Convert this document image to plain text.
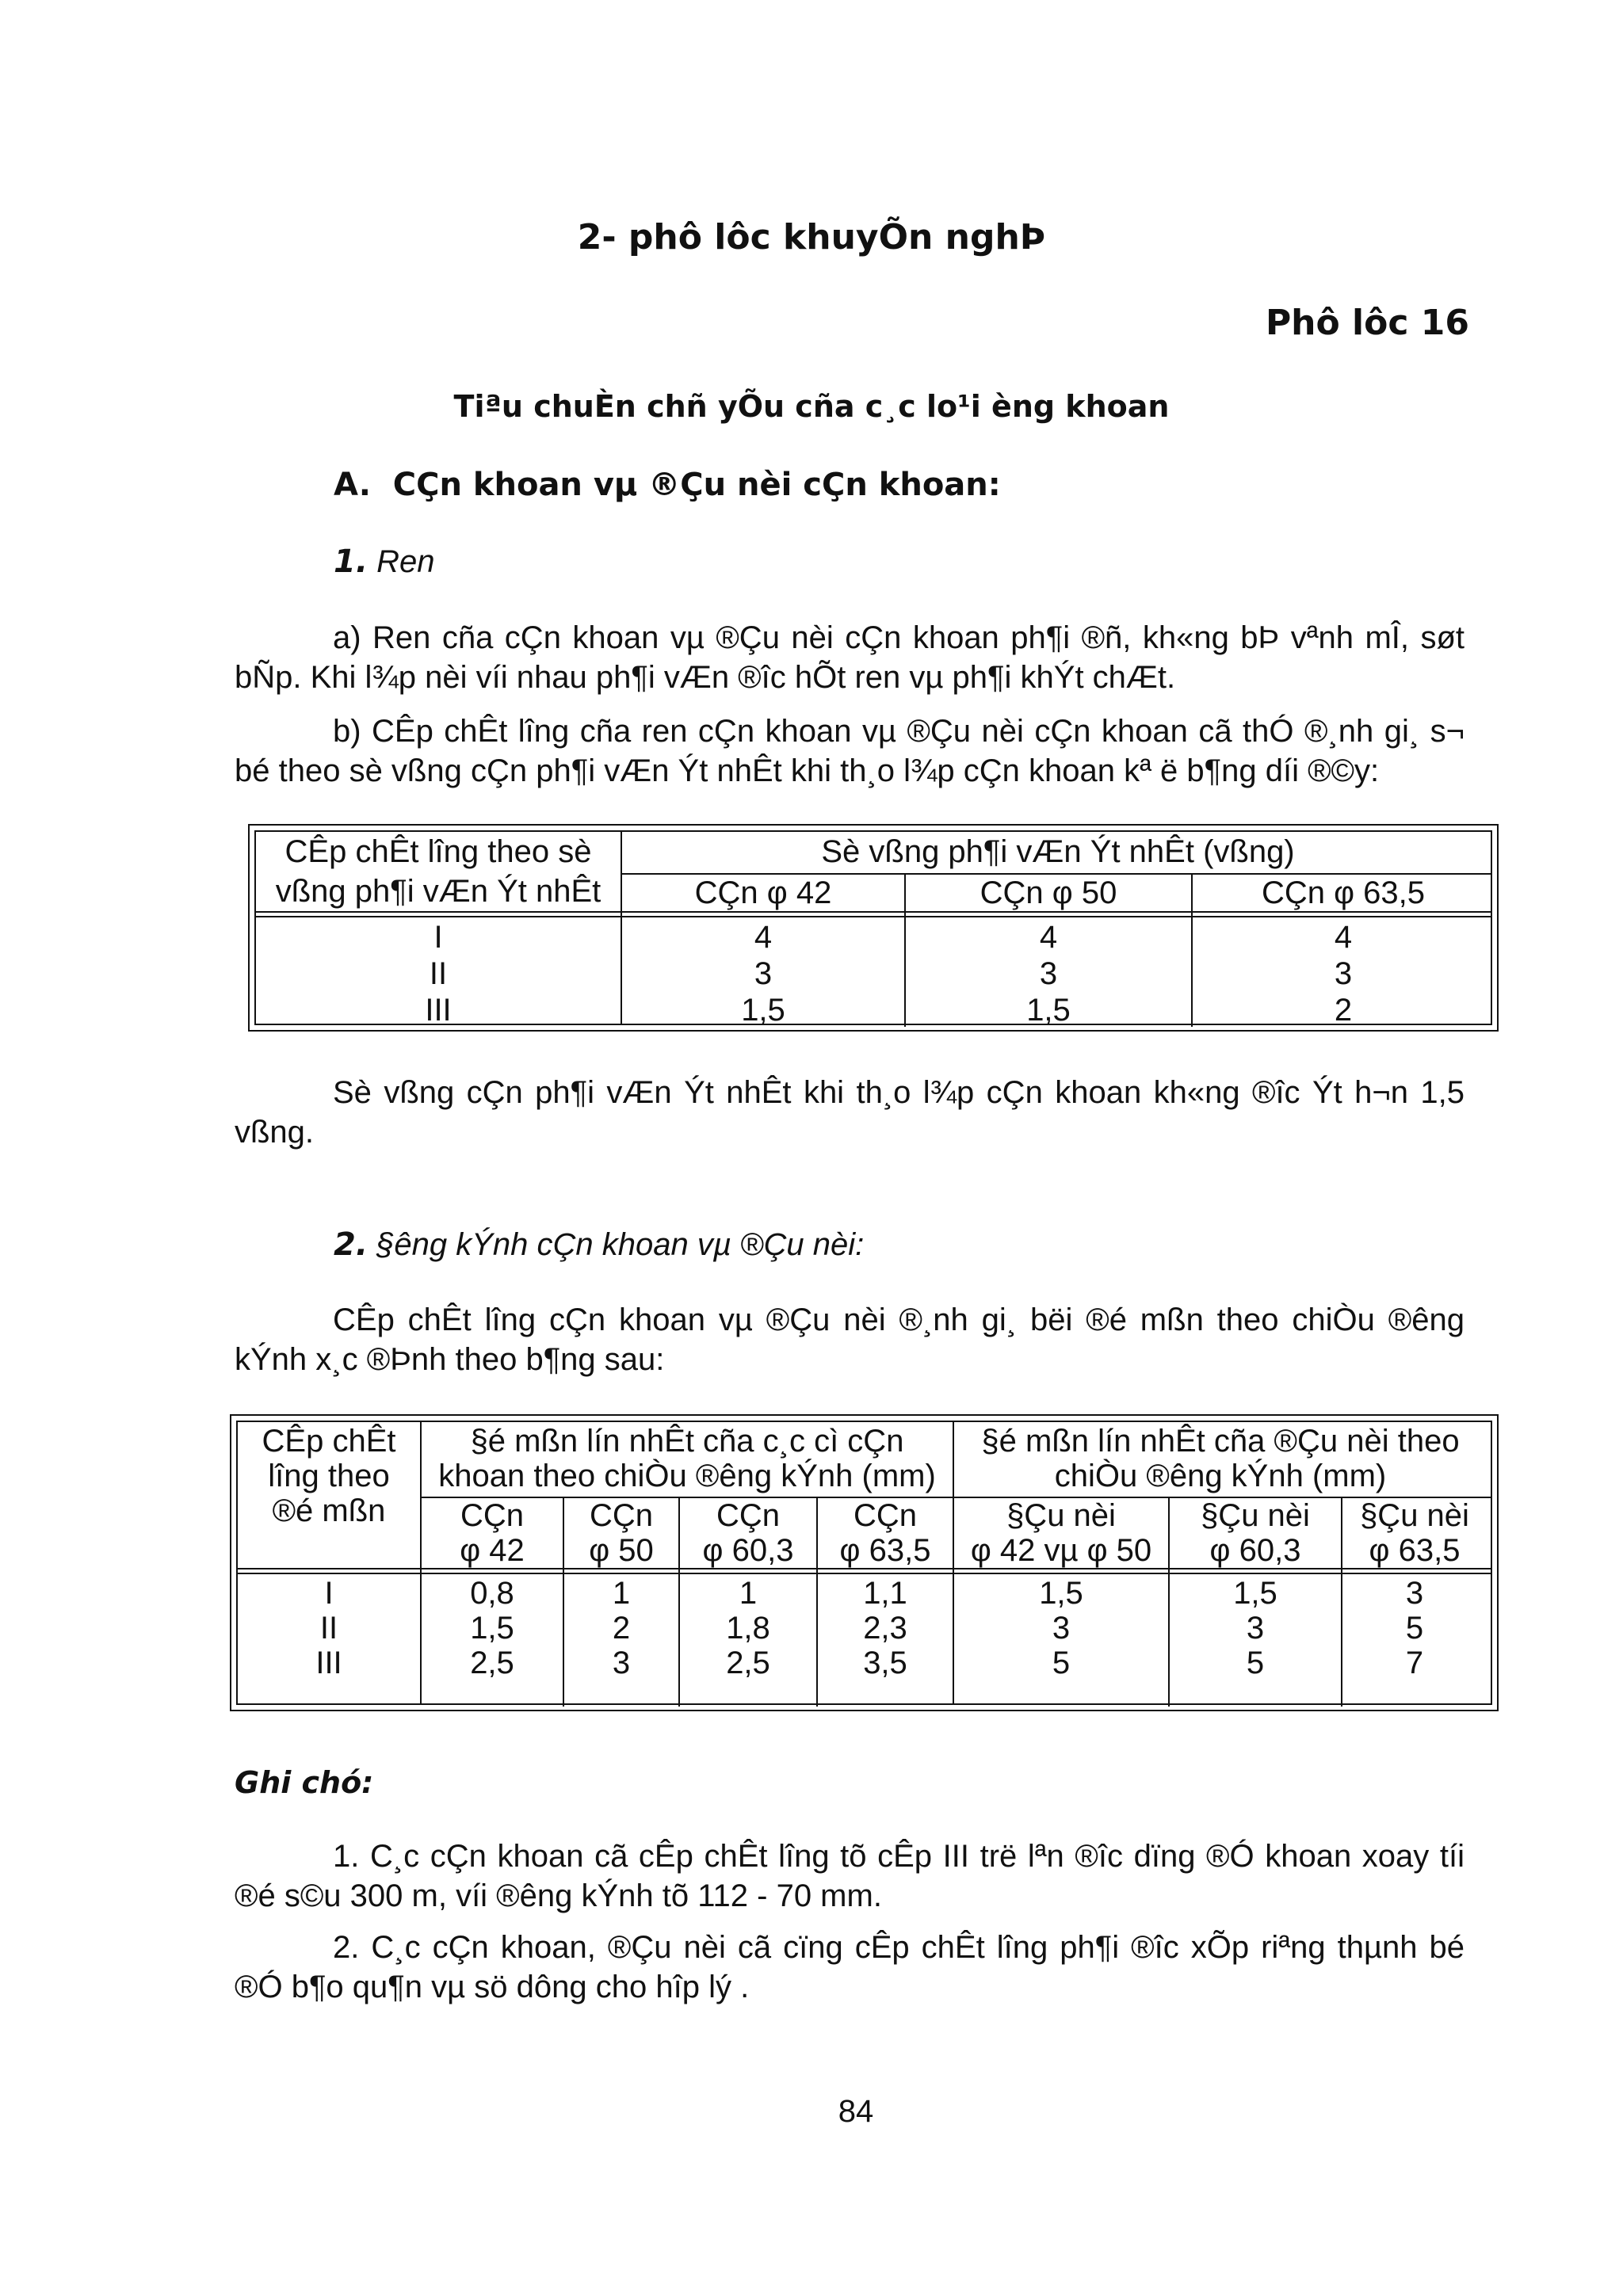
2- phô lôc khuyÕn nghÞ
Phô lôc 16
Tiªu chuÈn chñ yÕu cña c¸c lo¹i èng khoan
A. CÇn khoan vµ ®Çu nèi cÇn khoan:
1. Ren
a) Ren cña cÇn khoan vµ ®Çu nèi cÇn khoan ph¶i ®ñ, kh«ng bÞ vªnh mÎ, søt bÑp. Khi l¾p nèi víi nhau ph¶i vÆn ®îc hÕt ren vµ ph¶i khÝt chÆt.
b) CÊp chÊt lîng cña ren cÇn khoan vµ ®Çu nèi cÇn khoan cã thÓ ®¸nh gi¸ s¬ bé theo sè vßng cÇn ph¶i vÆn Ýt nhÊt khi th¸o l¾p cÇn khoan kª ë b¶ng díi ®©y:
CÊp chÊt lîng theo sè
vßng ph¶i vÆn Ýt nhÊt
Sè vßng ph¶i vÆn Ýt nhÊt (vßng)
CÇn φ 42	CÇn φ 50	CÇn φ 63,5
I
II
III
4
3
1,5
4
3
1,5
4
3
2
Sè vßng cÇn ph¶i vÆn Ýt nhÊt khi th¸o l¾p cÇn khoan kh«ng ®îc Ýt h¬n 1,5 vßng.
2. §êng kÝnh cÇn khoan vµ ®Çu nèi:
CÊp chÊt lîng cÇn khoan vµ ®Çu nèi ®¸nh gi¸ bëi ®é mßn theo chiÒu ®êng kÝnh x¸c ®Þnh theo b¶ng sau:
CÊp chÊt
lîng theo
®é mßn
§é mßn lín nhÊt cña c¸c cì cÇn
khoan theo chiÒu ®êng kÝnh (mm)
§é mßn lín nhÊt cña ®Çu nèi theo
chiÒu ®êng kÝnh (mm)
CÇn
φ 42
CÇn
φ 50
CÇn
φ 60,3
CÇn
φ 63,5
§Çu nèi
φ 42 vµ φ 50
§Çu nèi
φ 60,3
§Çu nèi
φ 63,5
I
II
III
0,8
1,5
2,5
1
2
3
1
1,8
2,5
1,1
2,3
3,5
1,5
3
5
1,5
3
5
3
5
7
Ghi chó:
1. C¸c cÇn khoan cã cÊp chÊt lîng tõ cÊp III trë lªn ®îc dïng ®Ó khoan xoay tíi ®é s©u 300 m, víi ®êng kÝnh tõ 112 - 70 mm.
2. C¸c cÇn khoan, ®Çu nèi cã cïng cÊp chÊt lîng ph¶i ®îc xÕp riªng thµnh bé ®Ó b¶o qu¶n vµ sö dông cho hîp lý .
84
